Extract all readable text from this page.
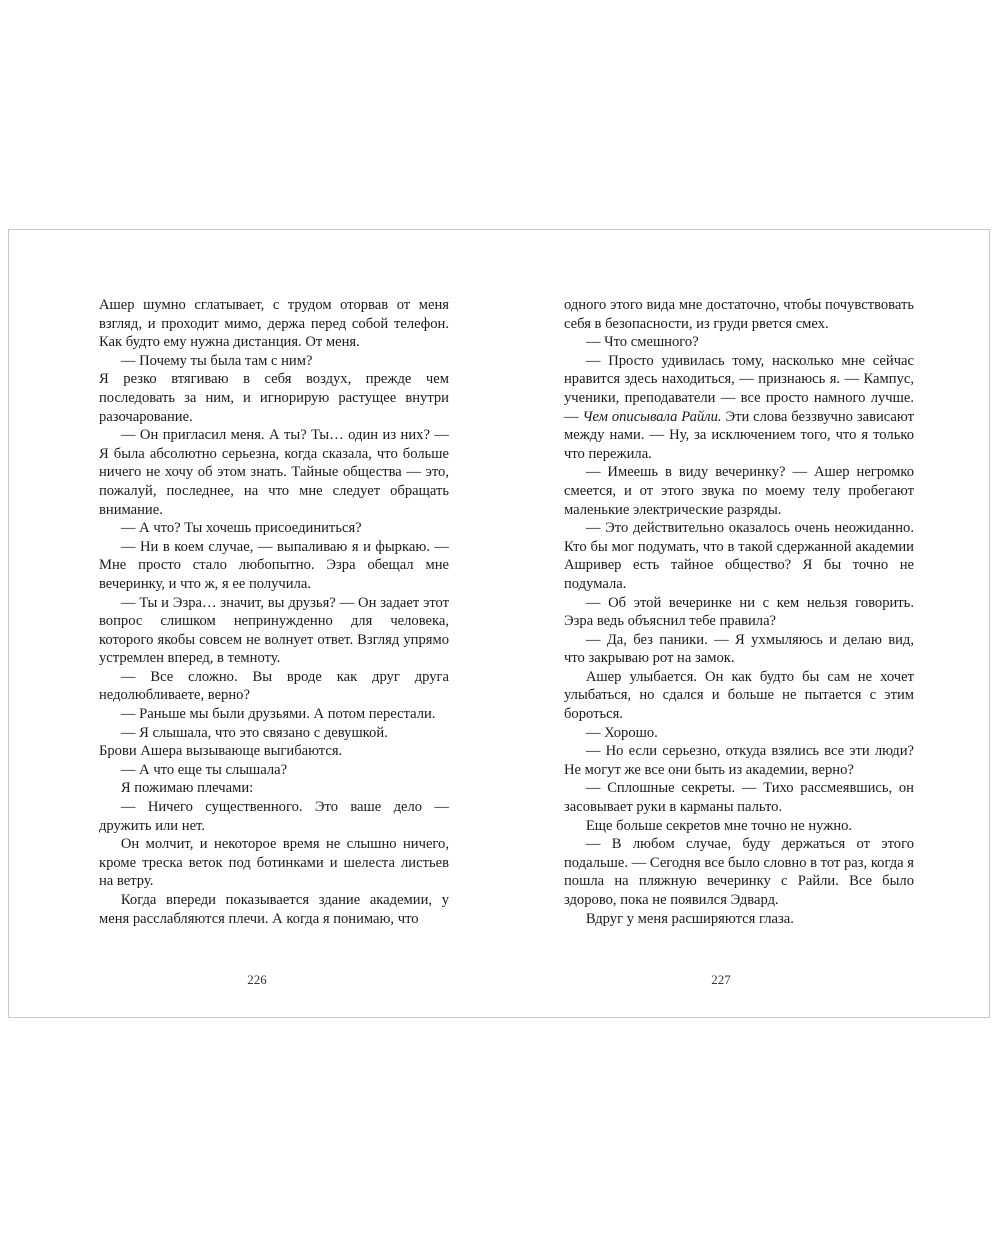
Ашер шумно сглатывает, с трудом оторвав от меня взгляд, и проходит мимо, держа перед собой телефон. Как будто ему нужна дистанция. От меня.

— Почему ты была там с ним?

Я резко втягиваю в себя воздух, прежде чем последовать за ним, и игнорирую растущее внутри разочарование.

— Он пригласил меня. А ты? Ты… один из них? — Я была абсолютно серьезна, когда сказала, что больше ничего не хочу об этом знать. Тайные общества — это, пожалуй, последнее, на что мне следует обращать внимание.

— А что? Ты хочешь присоединиться?

— Ни в коем случае, — выпаливаю я и фыркаю. — Мне просто стало любопытно. Эзра обещал мне вечеринку, и что ж, я ее получила.

— Ты и Эзра… значит, вы друзья? — Он задает этот вопрос слишком непринужденно для человека, которого якобы совсем не волнует ответ. Взгляд упрямо устремлен вперед, в темноту.

— Все сложно. Вы вроде как друг друга недолюбливаете, верно?

— Раньше мы были друзьями. А потом перестали.

— Я слышала, что это связано с девушкой.

Брови Ашера вызывающе выгибаются.

— А что еще ты слышала?

Я пожимаю плечами:

— Ничего существенного. Это ваше дело — дружить или нет.

Он молчит, и некоторое время не слышно ничего, кроме треска веток под ботинками и шелеста листьев на ветру.

Когда впереди показывается здание академии, у меня расслабляются плечи. А когда я понимаю, что

226

одного этого вида мне достаточно, чтобы почувствовать себя в безопасности, из груди рвется смех.

— Что смешного?

— Просто удивилась тому, насколько мне сейчас нравится здесь находиться, — признаюсь я. — Кампус, ученики, преподаватели — все просто намного лучше. — Чем описывала Райли. Эти слова беззвучно зависают между нами. — Ну, за исключением того, что я только что пережила.

— Имеешь в виду вечеринку? — Ашер негромко смеется, и от этого звука по моему телу пробегают маленькие электрические разряды.

— Это действительно оказалось очень неожиданно. Кто бы мог подумать, что в такой сдержанной академии Ашривер есть тайное общество? Я бы точно не подумала.

— Об этой вечеринке ни с кем нельзя говорить. Эзра ведь объяснил тебе правила?

— Да, без паники. — Я ухмыляюсь и делаю вид, что закрываю рот на замок.

Ашер улыбается. Он как будто бы сам не хочет улыбаться, но сдался и больше не пытается с этим бороться.

— Хорошо.

— Но если серьезно, откуда взялись все эти люди? Не могут же все они быть из академии, верно?

— Сплошные секреты. — Тихо рассмеявшись, он засовывает руки в карманы пальто.

Еще больше секретов мне точно не нужно.

— В любом случае, буду держаться от этого подальше. — Сегодня все было словно в тот раз, когда я пошла на пляжную вечеринку с Райли. Все было здорово, пока не появился Эдвард.

Вдруг у меня расширяются глаза.

227
